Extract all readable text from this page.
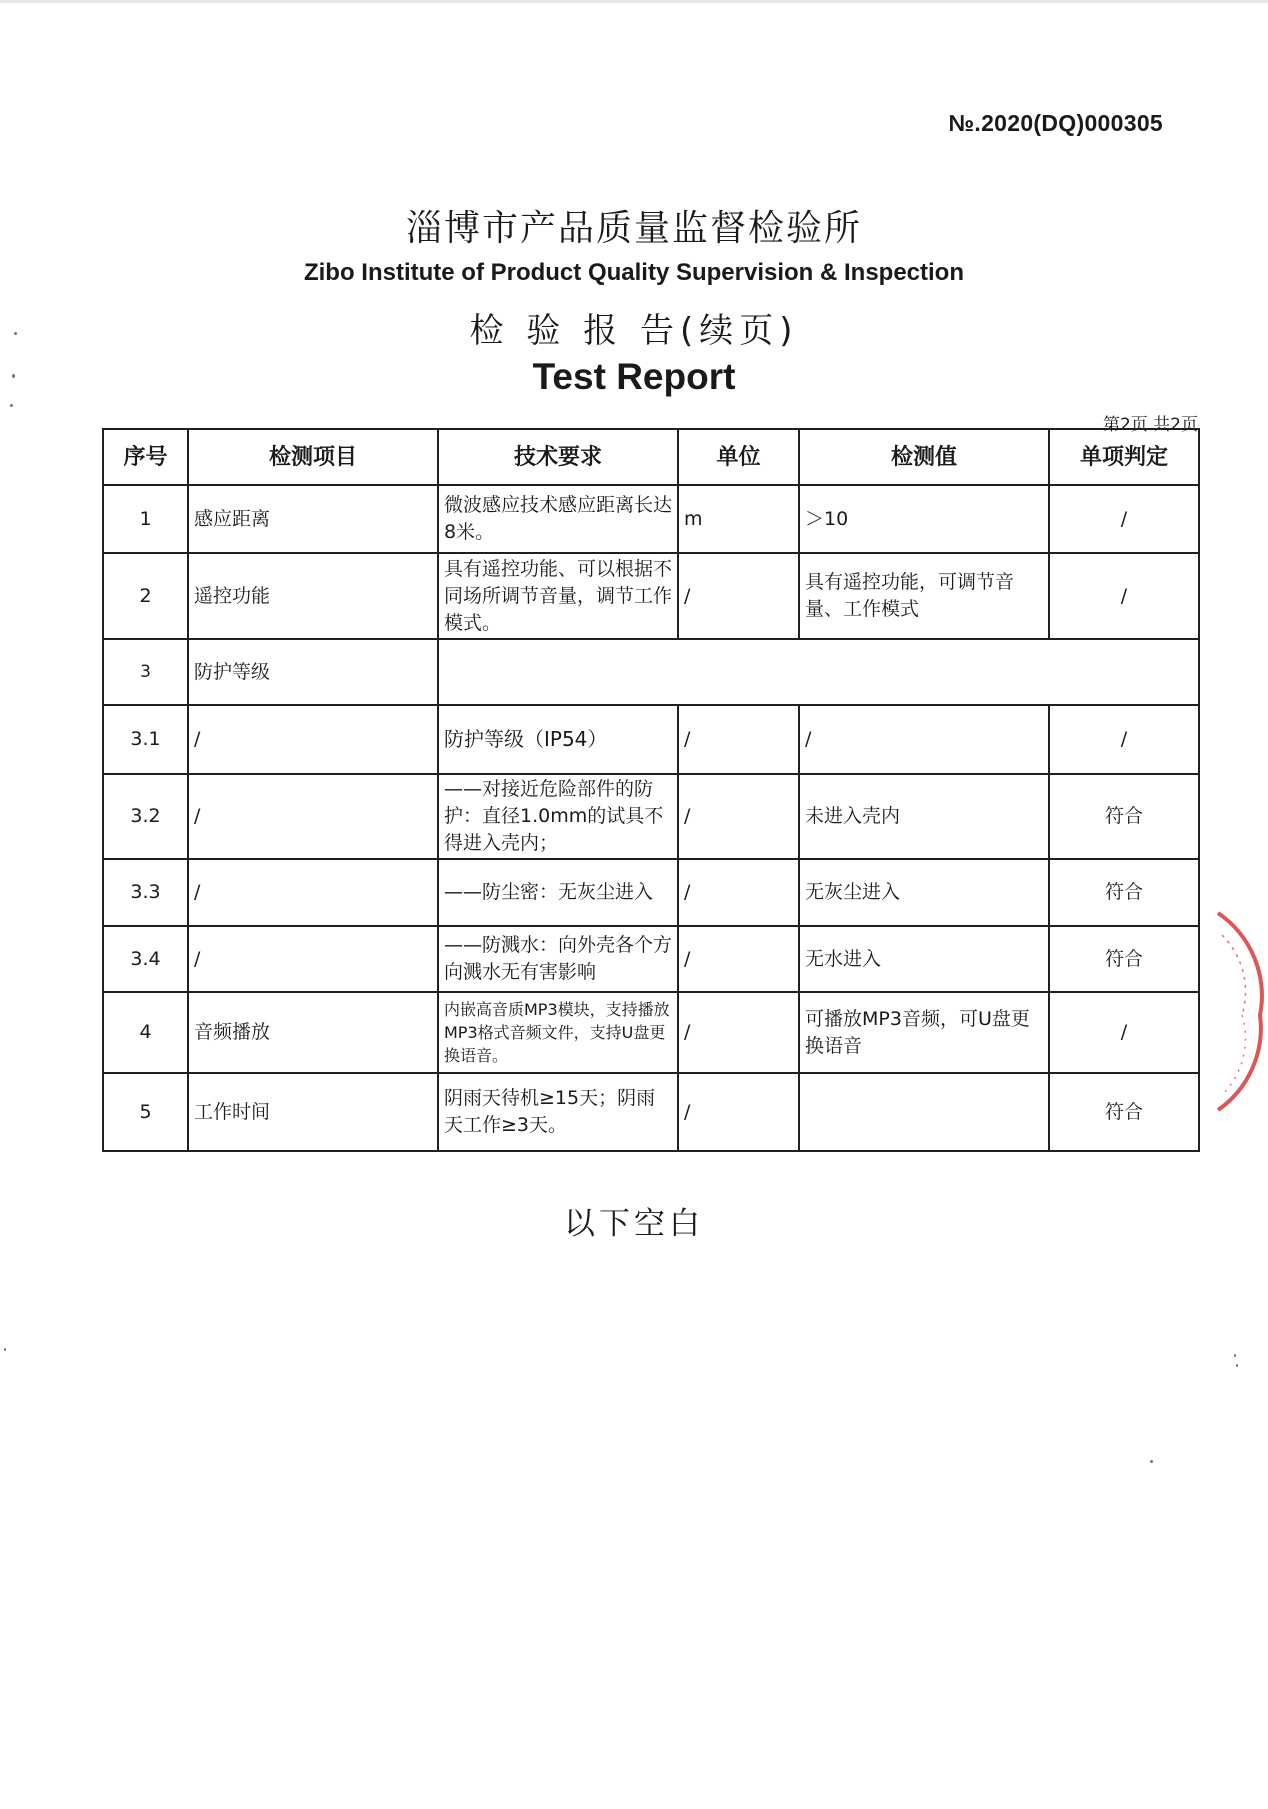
№.2020(DQ)000305
淄博市产品质量监督检验所
Zibo Institute of Product Quality Supervision & Inspection
检 验 报 告(续页)
Test Report
第2页 共2页
序号	检测项目	技术要求	单位	检测值	单项判定
1	感应距离	微波感应技术感应距离长达8米。	m	＞10	/
2	遥控功能	具有遥控功能、可以根据不同场所调节音量，调节工作模式。	/	具有遥控功能，可调节音量、工作模式	/
3	防护等级				
3.1	/	防护等级（IP54）	/	/	/
3.2	/	——对接近危险部件的防护：直径1.0mm的试具不得进入壳内；	/	未进入壳内	符合
3.3	/	——防尘密：无灰尘进入	/	无灰尘进入	符合
3.4	/	——防溅水：向外壳各个方向溅水无有害影响	/	无水进入	符合
4	音频播放	内嵌高音质MP3模块，支持播放MP3格式音频文件，支持U盘更换语音。	/	可播放MP3音频，可U盘更换语音	/
5	工作时间	阴雨天待机≥15天；阴雨天工作≥3天。	/		符合
以下空白
